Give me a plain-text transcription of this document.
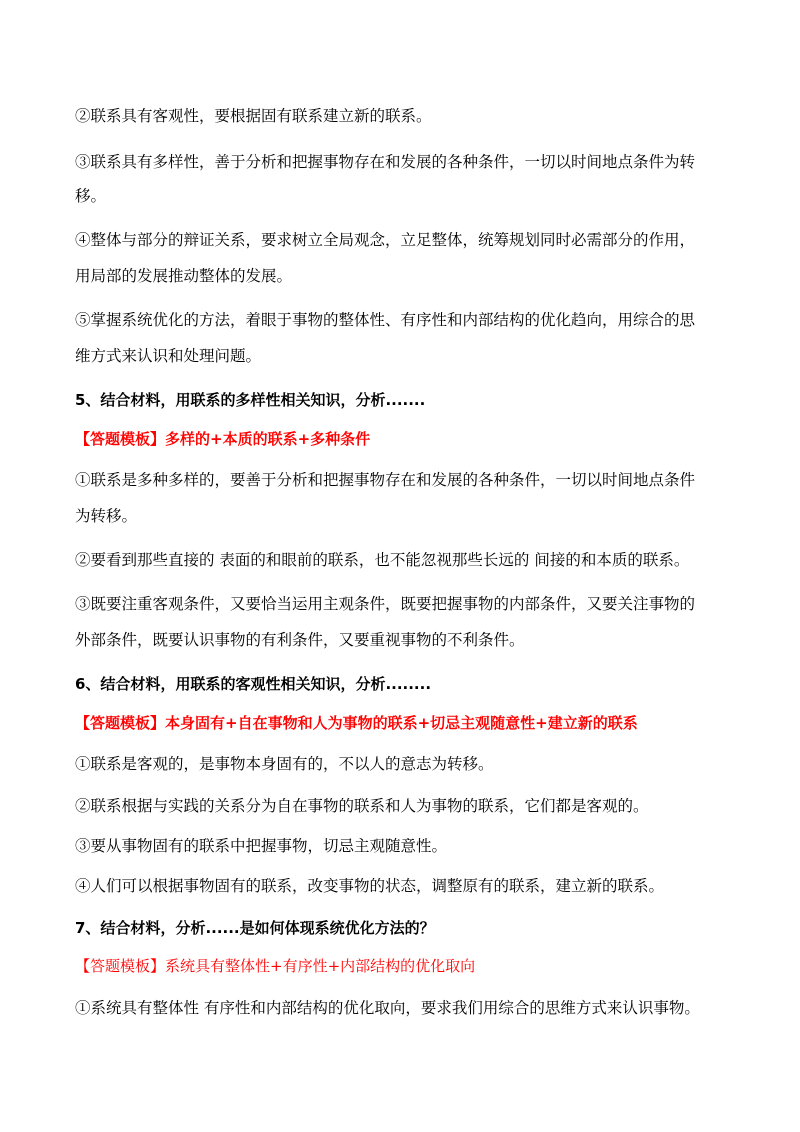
②联系具有客观性，要根据固有联系建立新的联系。
③联系具有多样性，善于分析和把握事物存在和发展的各种条件，一切以时间地点条件为转
移。
④整体与部分的辩证关系，要求树立全局观念，立足整体，统筹规划同时必需部分的作用，
用局部的发展推动整体的发展。
⑤掌握系统优化的方法，着眼于事物的整体性、有序性和内部结构的优化趋向，用综合的思
维方式来认识和处理问题。
5、结合材料，用联系的多样性相关知识，分析.......
【答题模板】多样的+本质的联系+多种条件
①联系是多种多样的，要善于分析和把握事物存在和发展的各种条件，一切以时间地点条件
为转移。
②要看到那些直接的 表面的和眼前的联系，也不能忽视那些长远的 间接的和本质的联系。
③既要注重客观条件，又要恰当运用主观条件，既要把握事物的内部条件，又要关注事物的
外部条件，既要认识事物的有利条件，又要重视事物的不利条件。
6、结合材料，用联系的客观性相关知识，分析........
【答题模板】本身固有+自在事物和人为事物的联系+切忌主观随意性+建立新的联系
①联系是客观的，是事物本身固有的，不以人的意志为转移。
②联系根据与实践的关系分为自在事物的联系和人为事物的联系，它们都是客观的。
③要从事物固有的联系中把握事物，切忌主观随意性。
④人们可以根据事物固有的联系，改变事物的状态，调整原有的联系，建立新的联系。
7、结合材料，分析......是如何体现系统优化方法的？
【答题模板】系统具有整体性+有序性+内部结构的优化取向
①系统具有整体性 有序性和内部结构的优化取向，要求我们用综合的思维方式来认识事物。
